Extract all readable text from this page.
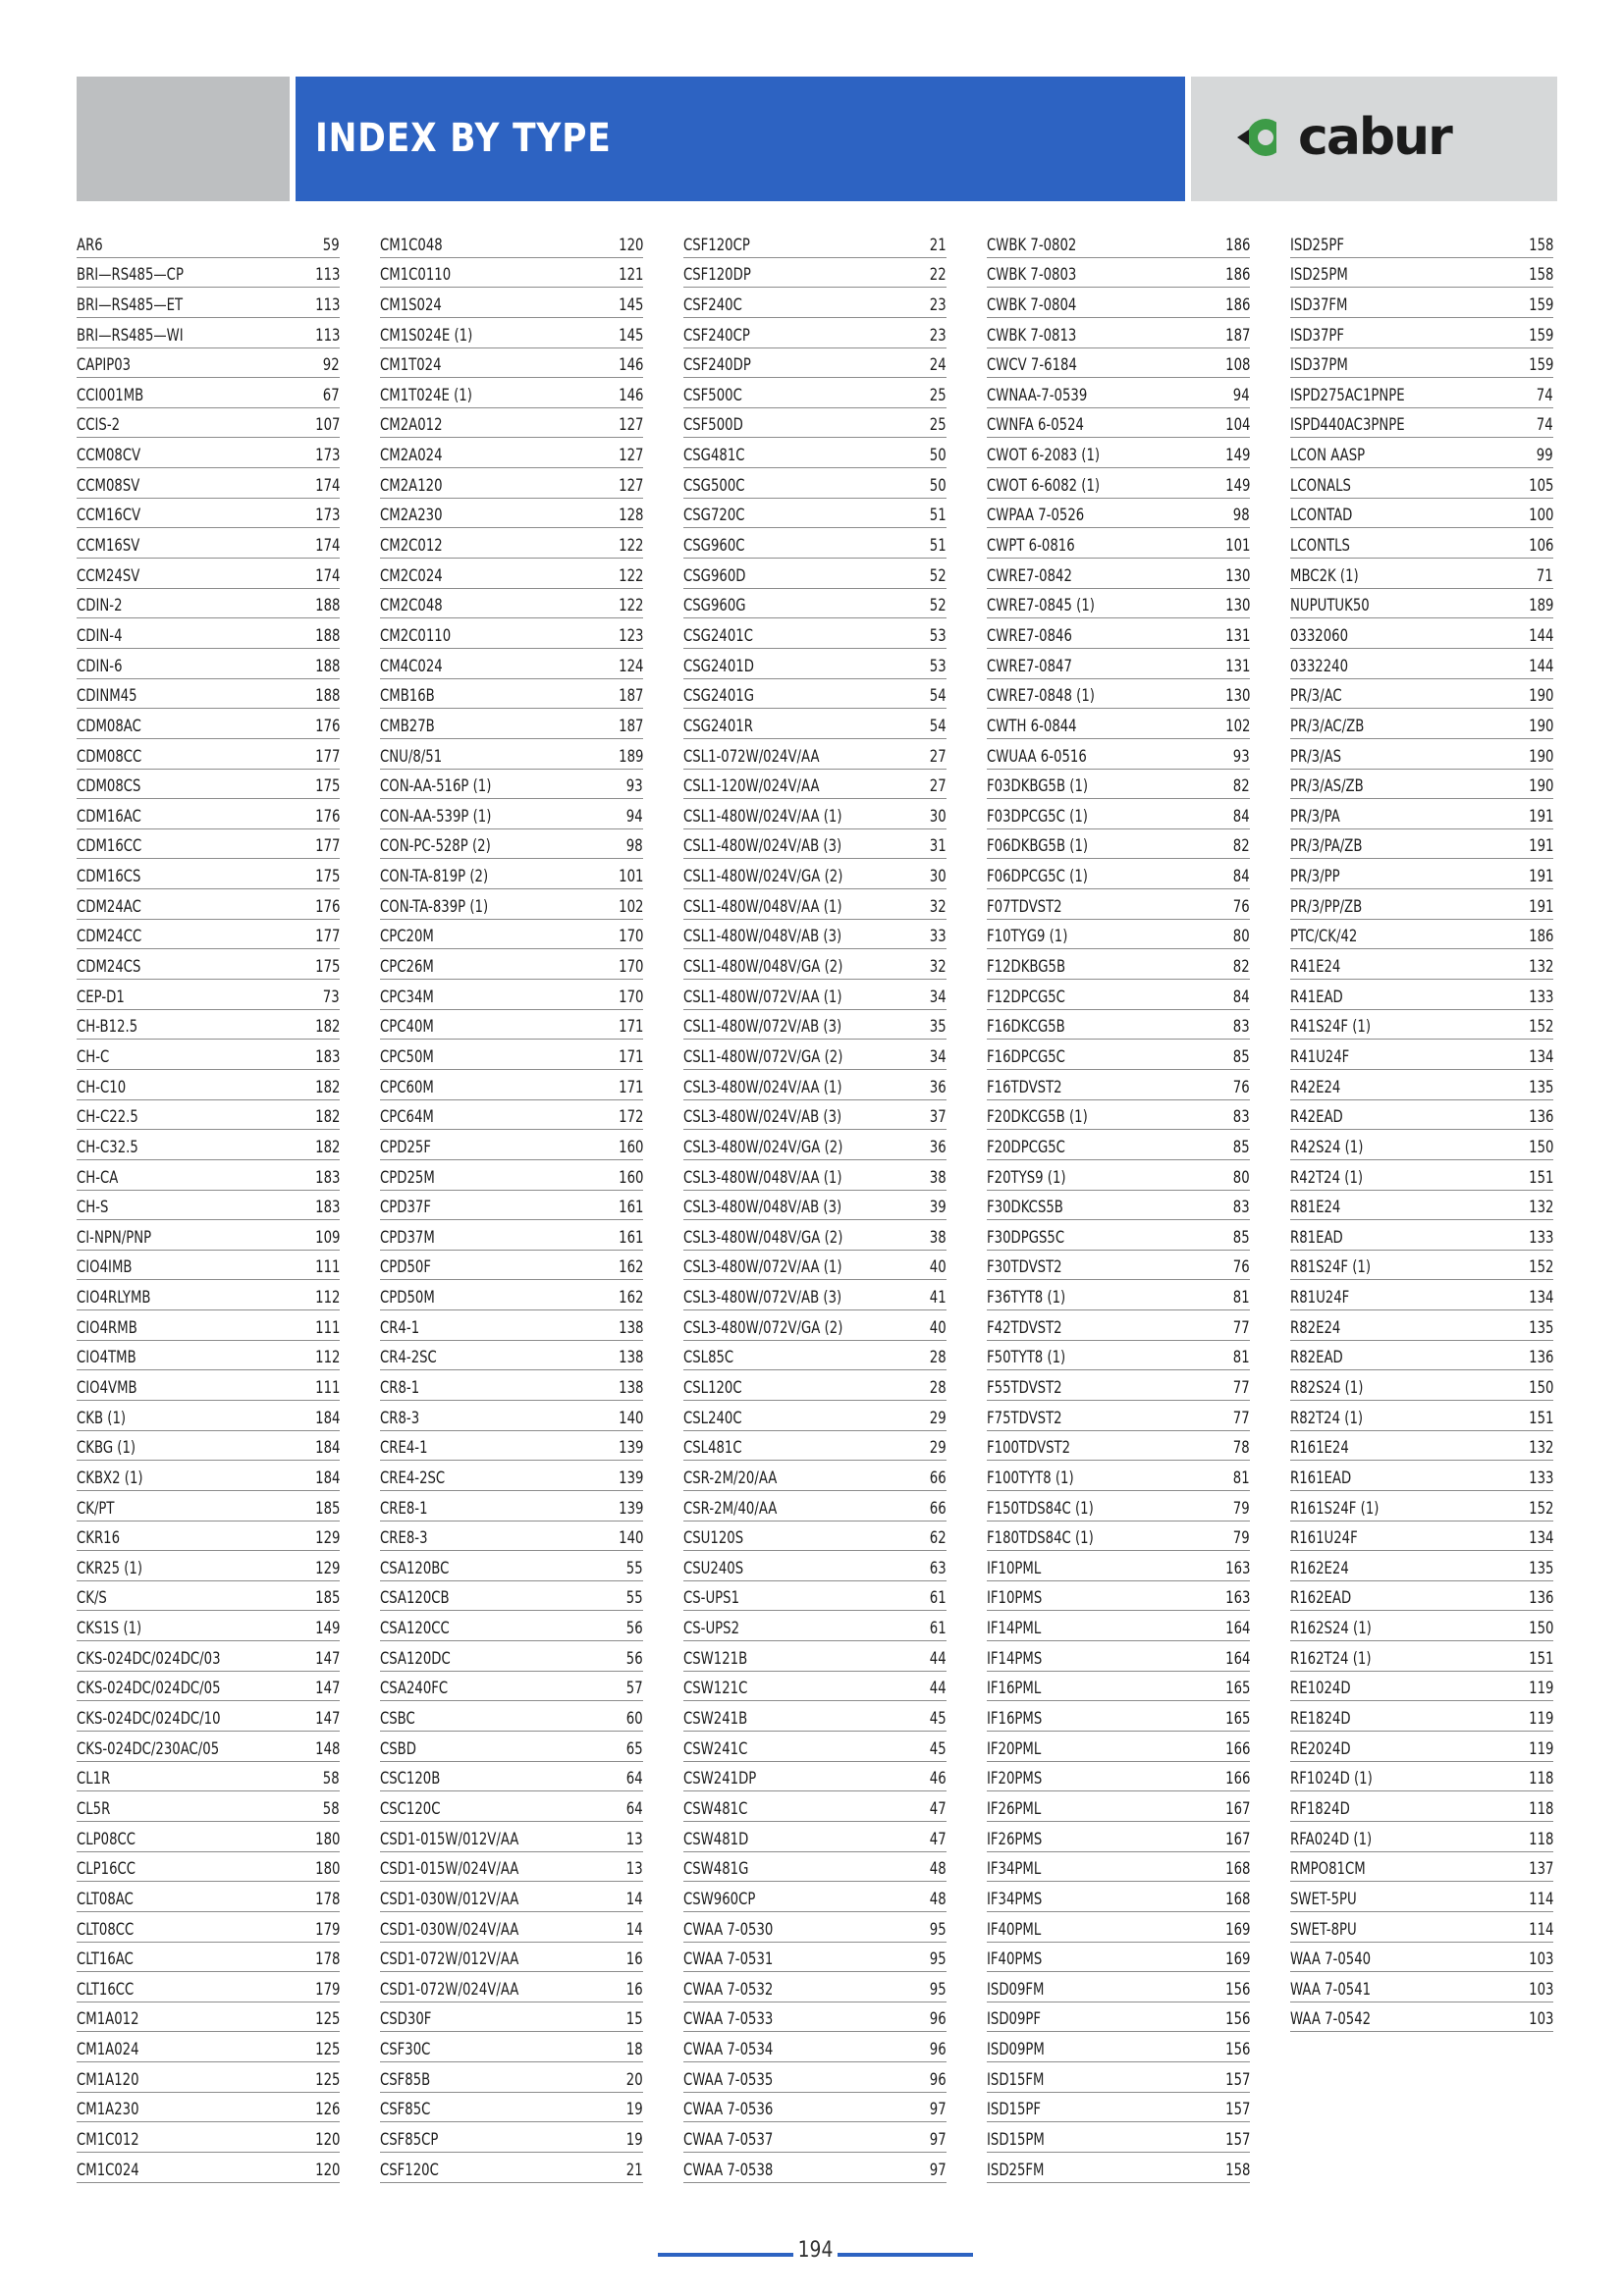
INDEX BY TYPE	cabur
AR6	59
BRI—RS485—CP	113
BRI—RS485—ET	113
BRI—RS485—WI	113
CAPIP03	92
CCI001MB	67
CCIS-2	107
CCM08CV	173
CCM08SV	174
CCM16CV	173
CCM16SV	174
CCM24SV	174
CDIN-2	188
CDIN-4	188
CDIN-6	188
CDINM45	188
CDM08AC	176
CDM08CC	177
CDM08CS	175
CDM16AC	176
CDM16CC	177
CDM16CS	175
CDM24AC	176
CDM24CC	177
CDM24CS	175
CEP-D1	73
CH-B12.5	182
CH-C	183
CH-C10	182
CH-C22.5	182
CH-C32.5	182
CH-CA	183
CH-S	183
CI-NPN/PNP	109
CIO4IMB	111
CIO4RLYMB	112
CIO4RMB	111
CIO4TMB	112
CIO4VMB	111
CKB (1)	184
CKBG (1)	184
CKBX2 (1)	184
CK/PT	185
CKR16	129
CKR25 (1)	129
CK/S	185
CKS1S (1)	149
CKS-024DC/024DC/03	147
CKS-024DC/024DC/05	147
CKS-024DC/024DC/10	147
CKS-024DC/230AC/05	148
CL1R	58
CL5R	58
CLP08CC	180
CLP16CC	180
CLT08AC	178
CLT08CC	179
CLT16AC	178
CLT16CC	179
CM1A012	125
CM1A024	125
CM1A120	125
CM1A230	126
CM1C012	120
CM1C024	120
CM1C048	120
CM1C0110	121
CM1S024	145
CM1S024E (1)	145
CM1T024	146
CM1T024E (1)	146
CM2A012	127
CM2A024	127
CM2A120	127
CM2A230	128
CM2C012	122
CM2C024	122
CM2C048	122
CM2C0110	123
CM4C024	124
CMB16B	187
CMB27B	187
CNU/8/51	189
CON-AA-516P (1)	93
CON-AA-539P (1)	94
CON-PC-528P (2)	98
CON-TA-819P (2)	101
CON-TA-839P (1)	102
CPC20M	170
CPC26M	170
CPC34M	170
CPC40M	171
CPC50M	171
CPC60M	171
CPC64M	172
CPD25F	160
CPD25M	160
CPD37F	161
CPD37M	161
CPD50F	162
CPD50M	162
CR4-1	138
CR4-2SC	138
CR8-1	138
CR8-3	140
CRE4-1	139
CRE4-2SC	139
CRE8-1	139
CRE8-3	140
CSA120BC	55
CSA120CB	55
CSA120CC	56
CSA120DC	56
CSA240FC	57
CSBC	60
CSBD	65
CSC120B	64
CSC120C	64
CSD1-015W/012V/AA	13
CSD1-015W/024V/AA	13
CSD1-030W/012V/AA	14
CSD1-030W/024V/AA	14
CSD1-072W/012V/AA	16
CSD1-072W/024V/AA	16
CSD30F	15
CSF30C	18
CSF85B	20
CSF85C	19
CSF85CP	19
CSF120C	21
CSF120CP	21
CSF120DP	22
CSF240C	23
CSF240CP	23
CSF240DP	24
CSF500C	25
CSF500D	25
CSG481C	50
CSG500C	50
CSG720C	51
CSG960C	51
CSG960D	52
CSG960G	52
CSG2401C	53
CSG2401D	53
CSG2401G	54
CSG2401R	54
CSL1-072W/024V/AA	27
CSL1-120W/024V/AA	27
CSL1-480W/024V/AA (1)	30
CSL1-480W/024V/AB (3)	31
CSL1-480W/024V/GA (2)	30
CSL1-480W/048V/AA (1)	32
CSL1-480W/048V/AB (3)	33
CSL1-480W/048V/GA (2)	32
CSL1-480W/072V/AA (1)	34
CSL1-480W/072V/AB (3)	35
CSL1-480W/072V/GA (2)	34
CSL3-480W/024V/AA (1)	36
CSL3-480W/024V/AB (3)	37
CSL3-480W/024V/GA (2)	36
CSL3-480W/048V/AA (1)	38
CSL3-480W/048V/AB (3)	39
CSL3-480W/048V/GA (2)	38
CSL3-480W/072V/AA (1)	40
CSL3-480W/072V/AB (3)	41
CSL3-480W/072V/GA (2)	40
CSL85C	28
CSL120C	28
CSL240C	29
CSL481C	29
CSR-2M/20/AA	66
CSR-2M/40/AA	66
CSU120S	62
CSU240S	63
CS-UPS1	61
CS-UPS2	61
CSW121B	44
CSW121C	44
CSW241B	45
CSW241C	45
CSW241DP	46
CSW481C	47
CSW481D	47
CSW481G	48
CSW960CP	48
CWAA 7-0530	95
CWAA 7-0531	95
CWAA 7-0532	95
CWAA 7-0533	96
CWAA 7-0534	96
CWAA 7-0535	96
CWAA 7-0536	97
CWAA 7-0537	97
CWAA 7-0538	97
CWBK 7-0802	186
CWBK 7-0803	186
CWBK 7-0804	186
CWBK 7-0813	187
CWCV 7-6184	108
CWNAA-7-0539	94
CWNFA 6-0524	104
CWOT 6-2083 (1)	149
CWOT 6-6082 (1)	149
CWPAA 7-0526	98
CWPT 6-0816	101
CWRE7-0842	130
CWRE7-0845 (1)	130
CWRE7-0846	131
CWRE7-0847	131
CWRE7-0848 (1)	130
CWTH 6-0844	102
CWUAA 6-0516	93
F03DKBG5B (1)	82
F03DPCG5C (1)	84
F06DKBG5B (1)	82
F06DPCG5C (1)	84
F07TDVST2	76
F10TYG9 (1)	80
F12DKBG5B	82
F12DPCG5C	84
F16DKCG5B	83
F16DPCG5C	85
F16TDVST2	76
F20DKCG5B (1)	83
F20DPCG5C	85
F20TYS9 (1)	80
F30DKCS5B	83
F30DPGS5C	85
F30TDVST2	76
F36TYT8 (1)	81
F42TDVST2	77
F50TYT8 (1)	81
F55TDVST2	77
F75TDVST2	77
F100TDVST2	78
F100TYT8 (1)	81
F150TDS84C (1)	79
F180TDS84C (1)	79
IF10PML	163
IF10PMS	163
IF14PML	164
IF14PMS	164
IF16PML	165
IF16PMS	165
IF20PML	166
IF20PMS	166
IF26PML	167
IF26PMS	167
IF34PML	168
IF34PMS	168
IF40PML	169
IF40PMS	169
ISD09FM	156
ISD09PF	156
ISD09PM	156
ISD15FM	157
ISD15PF	157
ISD15PM	157
ISD25FM	158
ISD25PF	158
ISD25PM	158
ISD37FM	159
ISD37PF	159
ISD37PM	159
ISPD275AC1PNPE	74
ISPD440AC3PNPE	74
LCON AASP	99
LCONALS	105
LCONTAD	100
LCONTLS	106
MBC2K (1)	71
NUPUTUK50	189
0332060	144
0332240	144
PR/3/AC	190
PR/3/AC/ZB	190
PR/3/AS	190
PR/3/AS/ZB	190
PR/3/PA	191
PR/3/PA/ZB	191
PR/3/PP	191
PR/3/PP/ZB	191
PTC/CK/42	186
R41E24	132
R41EAD	133
R41S24F (1)	152
R41U24F	134
R42E24	135
R42EAD	136
R42S24 (1)	150
R42T24 (1)	151
R81E24	132
R81EAD	133
R81S24F (1)	152
R81U24F	134
R82E24	135
R82EAD	136
R82S24 (1)	150
R82T24 (1)	151
R161E24	132
R161EAD	133
R161S24F (1)	152
R161U24F	134
R162E24	135
R162EAD	136
R162S24 (1)	150
R162T24 (1)	151
RE1024D	119
RE1824D	119
RE2024D	119
RF1024D (1)	118
RF1824D	118
RFA024D (1)	118
RMPO81CM	137
SWET-5PU	114
SWET-8PU	114
WAA 7-0540	103
WAA 7-0541	103
WAA 7-0542	103

194
